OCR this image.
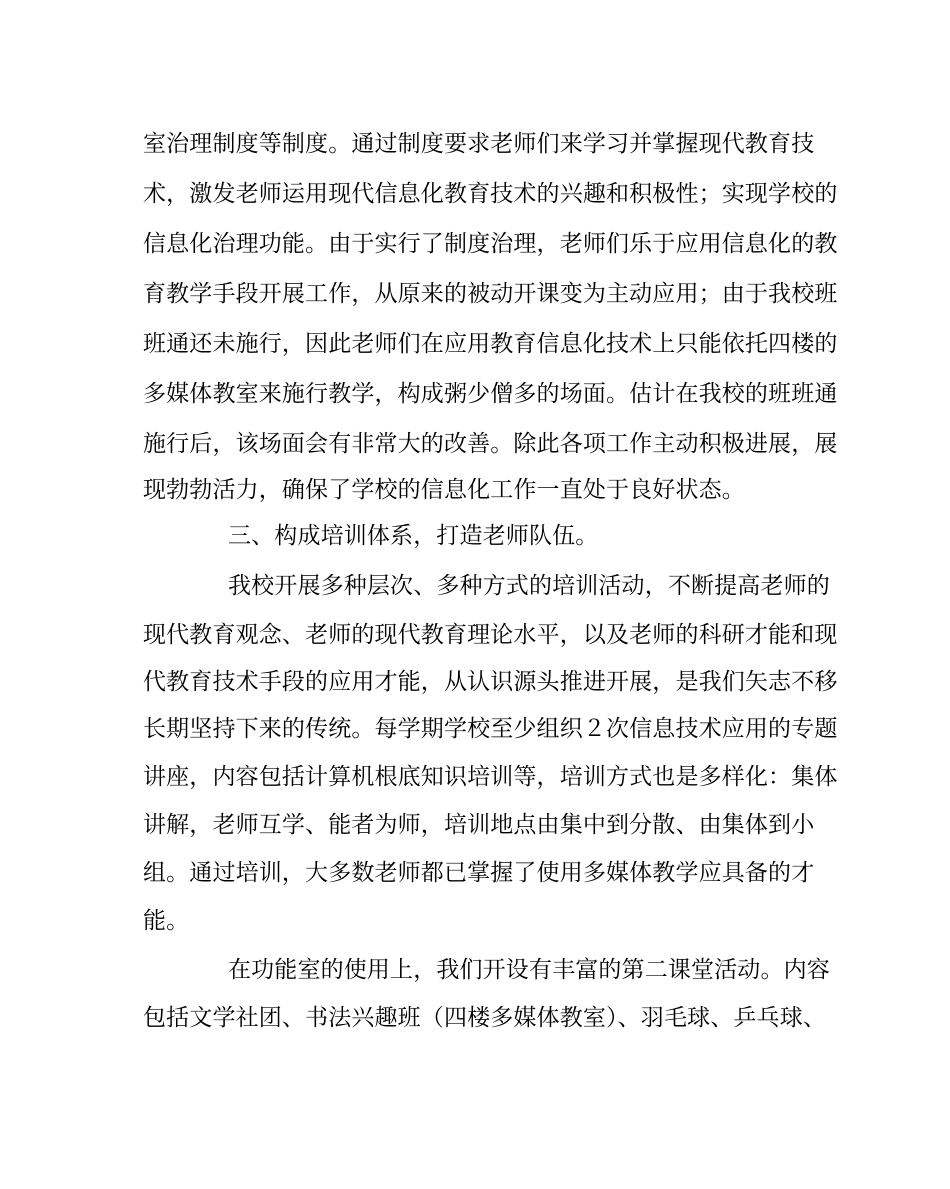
室治理制度等制度。通过制度要求老师们来学习并掌握现代教育技
术，激发老师运用现代信息化教育技术的兴趣和积极性；实现学校的
信息化治理功能。由于实行了制度治理，老师们乐于应用信息化的教
育教学手段开展工作，从原来的被动开课变为主动应用；由于我校班
班通还未施行，因此老师们在应用教育信息化技术上只能依托四楼的
多媒体教室来施行教学，构成粥少僧多的场面。估计在我校的班班通
施行后，该场面会有非常大的改善。除此各项工作主动积极进展，展
现勃勃活力，确保了学校的信息化工作一直处于良好状态。
三、构成培训体系，打造老师队伍。
我校开展多种层次、多种方式的培训活动，不断提高老师的
现代教育观念、老师的现代教育理论水平，以及老师的科研才能和现
代教育技术手段的应用才能，从认识源头推进开展，是我们矢志不移
长期坚持下来的传统。每学期学校至少组织２次信息技术应用的专题
讲座，内容包括计算机根底知识培训等，培训方式也是多样化：集体
讲解，老师互学、能者为师，培训地点由集中到分散、由集体到小
组。通过培训，大多数老师都已掌握了使用多媒体教学应具备的才
能。
在功能室的使用上，我们开设有丰富的第二课堂活动。内容
包括文学社团、书法兴趣班（四楼多媒体教室）、羽毛球、乒乓球、
